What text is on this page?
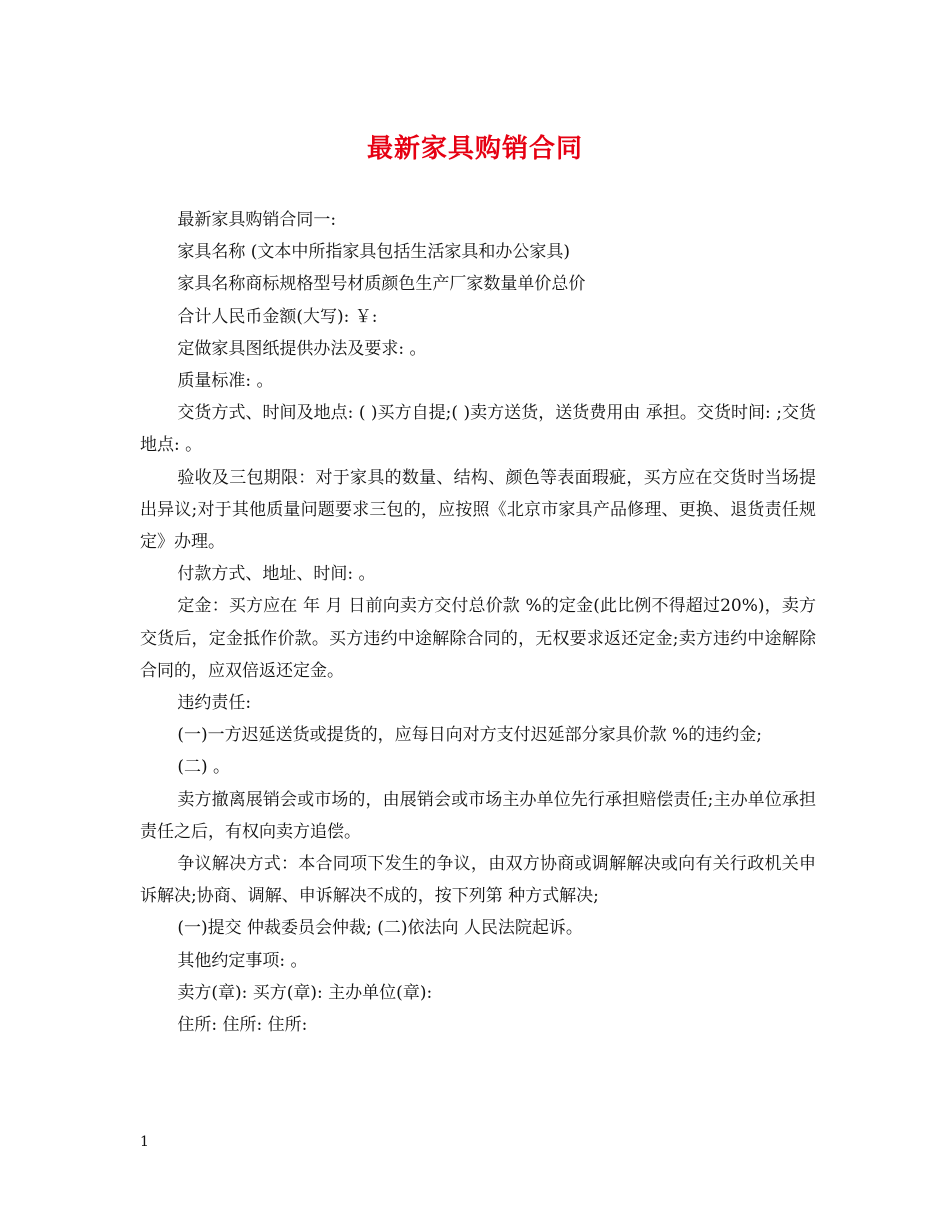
最新家具购销合同

最新家具购销合同一:

家具名称 (文本中所指家具包括生活家具和办公家具)

家具名称商标规格型号材质颜色生产厂家数量单价总价

合计人民币金额(大写): ￥:

定做家具图纸提供办法及要求: 。

质量标准: 。

交货方式、时间及地点: ( )买方自提;( )卖方送货，送货费用由 承担。交货时间: ;交货地点: 。

验收及三包期限：对于家具的数量、结构、颜色等表面瑕疵，买方应在交货时当场提出异议;对于其他质量问题要求三包的，应按照《北京市家具产品修理、更换、退货责任规定》办理。

付款方式、地址、时间: 。

定金：买方应在 年 月 日前向卖方交付总价款 %的定金(此比例不得超过20%)，卖方交货后，定金抵作价款。买方违约中途解除合同的，无权要求返还定金;卖方违约中途解除合同的，应双倍返还定金。

违约责任:

(一)一方迟延送货或提货的，应每日向对方支付迟延部分家具价款 %的违约金;

(二) 。

卖方撤离展销会或市场的，由展销会或市场主办单位先行承担赔偿责任;主办单位承担责任之后，有权向卖方追偿。

争议解决方式：本合同项下发生的争议，由双方协商或调解解决或向有关行政机关申诉解决;协商、调解、申诉解决不成的，按下列第 种方式解决;

(一)提交 仲裁委员会仲裁; (二)依法向 人民法院起诉。

其他约定事项: 。

卖方(章): 买方(章): 主办单位(章):

住所: 住所: 住所:

1
